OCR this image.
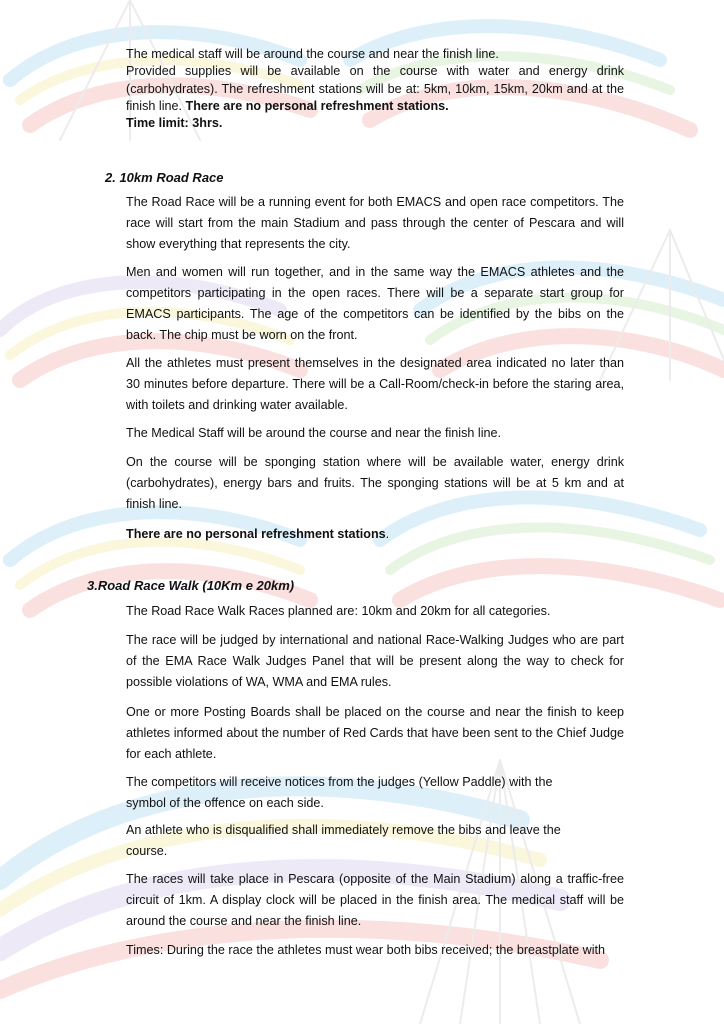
The medical staff will be around the course and near the finish line.
Provided supplies will be available on the course with water and energy drink (carbohydrates). The refreshment stations will be at: 5km, 10km, 15km, 20km and at the finish line. There are no personal refreshment stations.
Time limit: 3hrs.
2. 10km Road Race
The Road Race will be a running event for both EMACS and open race competitors. The race will start from the main Stadium and pass through the center of Pescara and will show everything that represents the city.
Men and women will run together, and in the same way the EMACS athletes and the competitors participating in the open races. There will be a separate start group for EMACS participants. The age of the competitors can be identified by the bibs on the back. The chip must be worn on the front.
All the athletes must present themselves in the designated area indicated no later than 30 minutes before departure. There will be a Call-Room/check-in before the staring area, with toilets and drinking water available.
The Medical Staff will be around the course and near the finish line.
On the course will be sponging station where will be available water, energy drink (carbohydrates), energy bars and fruits. The sponging stations will be at 5 km and at finish line.
There are no personal refreshment stations.
3.Road Race Walk (10Km e 20km)
The Road Race Walk Races planned are: 10km and 20km for all categories.
The race will be judged by international and national Race-Walking Judges who are part of the EMA Race Walk Judges Panel that will be present along the way to check for possible violations of WA, WMA and EMA rules.
One or more Posting Boards shall be placed on the course and near the finish to keep athletes informed about the number of Red Cards that have been sent to the Chief Judge for each athlete.
The competitors will receive notices from the judges (Yellow Paddle) with the
symbol of the offence on each side.
An athlete who is disqualified shall immediately remove the bibs and leave the
course.
The races will take place in Pescara (opposite of the Main Stadium) along a traffic-free circuit of 1km. A display clock will be placed in the finish area. The medical staff will be around the course and near the finish line.
Times: During the race the athletes must wear both bibs received; the breastplate with
